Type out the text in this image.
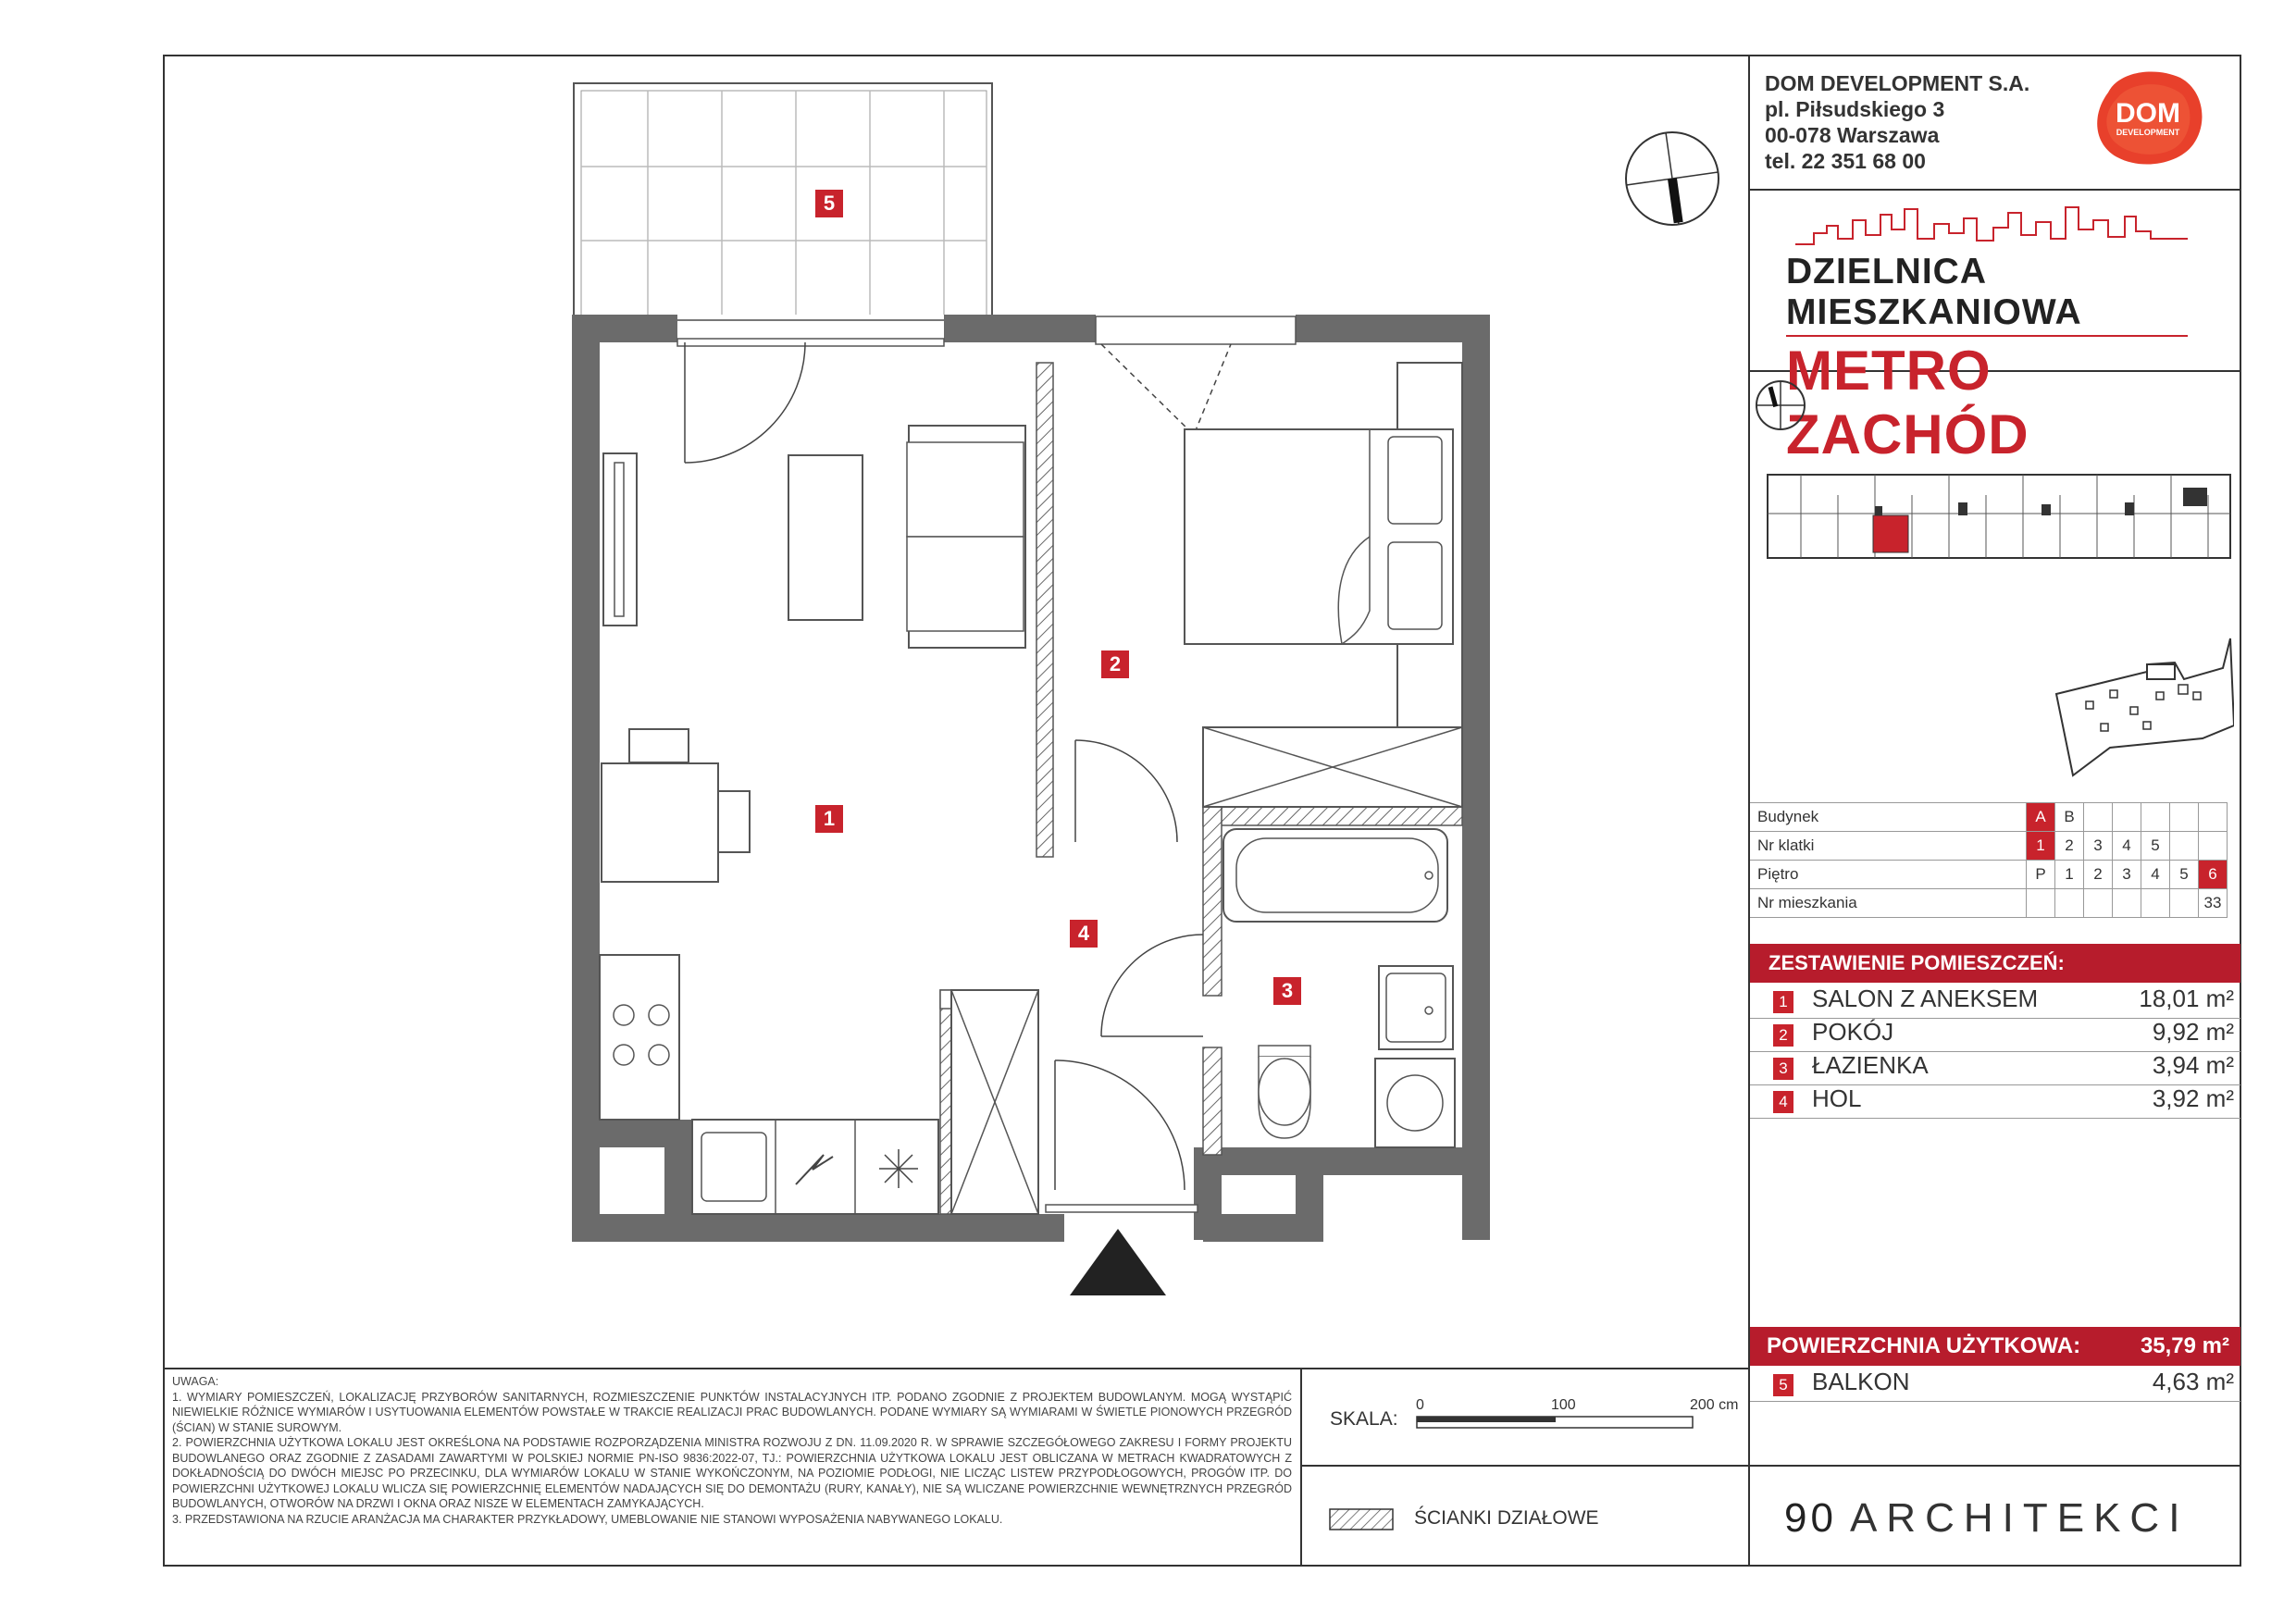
DOM DEVELOPMENT S.A.
pl. Piłsudskiego 3
00-078 Warszawa
tel. 22 351 68 00
DOM
DEVELOPMENT
DZIELNICA MIESZKANIOWA
METRO ZACHÓD
Budynek	A	B					
Nr klatki	1	2	3	4	5		
Piętro	P	1	2	3	4	5	6
Nr mieszkania							33
ZESTAWIENIE POMIESZCZEŃ:
1 SALON Z ANEKSEM	18,01 m²
2 POKÓJ	9,92 m²
3 ŁAZIENKA	3,94 m²
4 HOL	3,92 m²
POWIERZCHNIA UŻYTKOWA:	35,79 m²
5 BALKON	4,63 m²

UWAGA:

1. WYMIARY POMIESZCZEŃ, LOKALIZACJĘ PRZYBORÓW SANITARNYCH, ROZMIESZCZENIE PUNKTÓW INSTALACYJNYCH ITP. PODANO ZGODNIE Z PROJEKTEM BUDOWLANYM. MOGĄ WYSTĄPIĆ NIEWIELKIE RÓŻNICE WYMIARÓW I USYTUOWANIA ELEMENTÓW POWSTAŁE W TRAKCIE REALIZACJI PRAC BUDOWLANYCH. PODANE WYMIARY SĄ WYMIARAMI W ŚWIETLE PIONOWYCH PRZEGRÓD (ŚCIAN) W STANIE SUROWYM.

2. POWIERZCHNIA UŻYTKOWA LOKALU JEST OKREŚLONA NA PODSTAWIE ROZPORZĄDZENIA MINISTRA ROZWOJU Z DN. 11.09.2020 R. W SPRAWIE SZCZEGÓŁOWEGO ZAKRESU I FORMY PROJEKTU BUDOWLANEGO ORAZ ZGODNIE Z ZASADAMI ZAWARTYMI W POLSKIEJ NORMIE PN-ISO 9836:2022-07, TJ.: POWIERZCHNIA UŻYTKOWA LOKALU JEST OBLICZANA W METRACH KWADRATOWYCH Z DOKŁADNOŚCIĄ DO DWÓCH MIEJSC PO PRZECINKU, DLA WYMIARÓW LOKALU W STANIE WYKOŃCZONYM, NA POZIOMIE PODŁOGI, NIE LICZĄC LISTEW PRZYPODŁOGOWYCH, PROGÓW ITP. DO POWIERZCHNI UŻYTKOWEJ LOKALU WLICZA SIĘ POWIERZCHNIĘ ELEMENTÓW NADAJĄCYCH SIĘ DO DEMONTAŻU (RURY, KANAŁY), NIE SĄ WLICZANE POWIERZCHNIE WEWNĘTRZNYCH PRZEGRÓD BUDOWLANYCH, OTWORÓW NA DRZWI I OKNA ORAZ NISZE W ELEMENTACH ZAMYKAJĄCYCH.

3. PRZEDSTAWIONA NA RZUCIE ARANŻACJA MA CHARAKTER PRZYKŁADOWY, UMEBLOWANIE NIE STANOWI WYPOSAŻENIA NABYWANEGO LOKALU.

SKALA:
0	100	200 cm
ŚCIANKI DZIAŁOWE	90 ARCHITEKCI
1
2
3
4
5
